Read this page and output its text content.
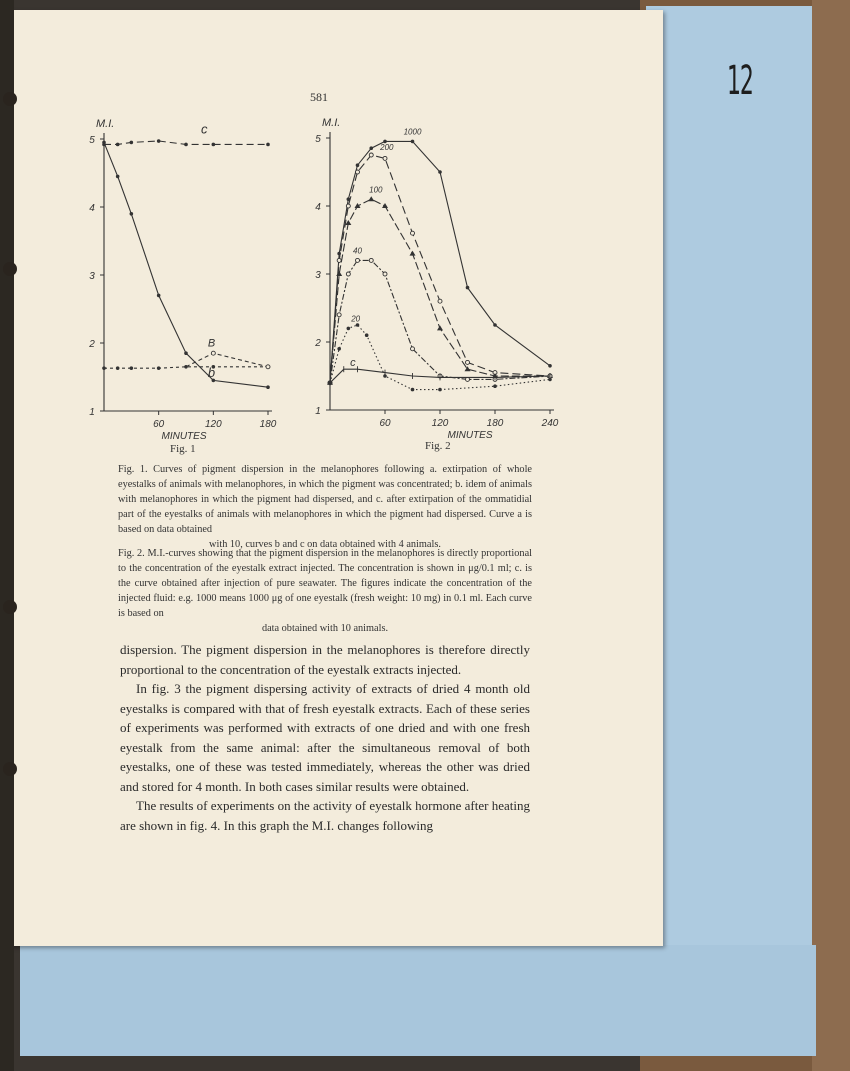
12
581
1
2
3
4
5
60	120	180
M.I.
MINUTES
c
B
b
Fig. 1
1
2
3
4
5
60	120	180	240
M.I.
MINUTES
20
40
100
200
1000
c
Fig. 2
Fig. 1. Curves of pigment dispersion in the melanophores following a. extirpation of whole eyestalks of animals with melanophores, in which the pigment was concentrated; b. idem of animals with melanophores in which the pigment had dispersed, and c. after extirpation of the ommatidial part of the eyestalks of animals with melanophores in which the pigment had dispersed. Curve a is based on data obtained
with 10, curves b and c on data obtained with 4 animals.
Fig. 2. M.I.-curves showing that the pigment dispersion in the melanophores is directly proportional to the concentration of the eyestalk extract injected. The concentration is shown in μg/0.1 ml; c. is the curve obtained after injection of pure seawater. The figures indicate the concentration of the injected fluid: e.g. 1000 means 1000 μg of one eyestalk (fresh weight: 10 mg) in 0.1 ml. Each curve is based on
data obtained with 10 animals.

dispersion. The pigment dispersion in the melanophores is therefore directly proportional to the concentration of the eyestalk extracts injected.

In fig. 3 the pigment dispersing activity of extracts of dried 4 month old eyestalks is compared with that of fresh eyestalk extracts. Each of these series of experiments was performed with extracts of one dried and with one fresh eyestalk from the same animal: after the simultaneous removal of both eyestalks, one of these was tested immediately, whereas the other was dried and stored for 4 month. In both cases similar results were obtained.

The results of experiments on the activity of eyestalk hormone after heating are shown in fig. 4. In this graph the M.I. changes following
